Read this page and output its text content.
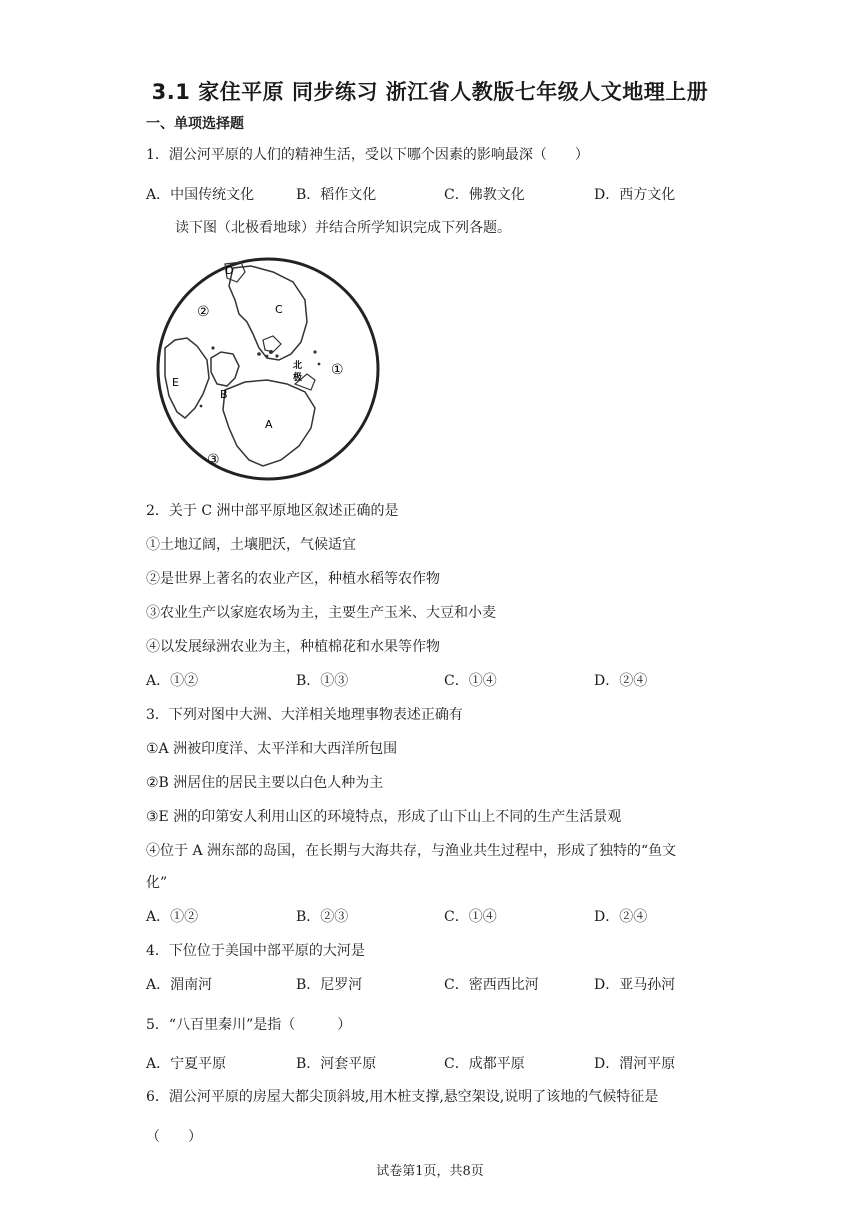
3.1 家住平原 同步练习 浙江省人教版七年级人文地理上册
一、单项选择题
1．湄公河平原的人们的精神生活，受以下哪个因素的影响最深（　　）
A．中国传统文化	B．稻作文化	C．佛教文化	D．西方文化
读下图（北极看地球）并结合所学知识完成下列各题。
北
极
D
C
②
①
E
B
A
③
2．关于 C 洲中部平原地区叙述正确的是
①土地辽阔，土壤肥沃，气候适宜
②是世界上著名的农业产区，种植水稻等农作物
③农业生产以家庭农场为主，主要生产玉米、大豆和小麦
④以发展绿洲农业为主，种植棉花和水果等作物
A．①②	B．①③	C．①④	D．②④
3．下列对图中大洲、大洋相关地理事物表述正确有
①A 洲被印度洋、太平洋和大西洋所包围
②B 洲居住的居民主要以白色人种为主
③E 洲的印第安人利用山区的环境特点，形成了山下山上不同的生产生活景观
④位于 A 洲东部的岛国，在长期与大海共存，与渔业共生过程中，形成了独特的“鱼文
化”
A．①②	B．②③	C．①④	D．②④
4．下位位于美国中部平原的大河是
A．湄南河	B．尼罗河	C．密西西比河	D．亚马孙河
5．“八百里秦川”是指（　　　）
A．宁夏平原	B．河套平原	C．成都平原	D．渭河平原
6．湄公河平原的房屋大都尖顶斜坡,用木桩支撑,悬空架设,说明了该地的气候特征是
（　　）
试卷第1页，共8页
